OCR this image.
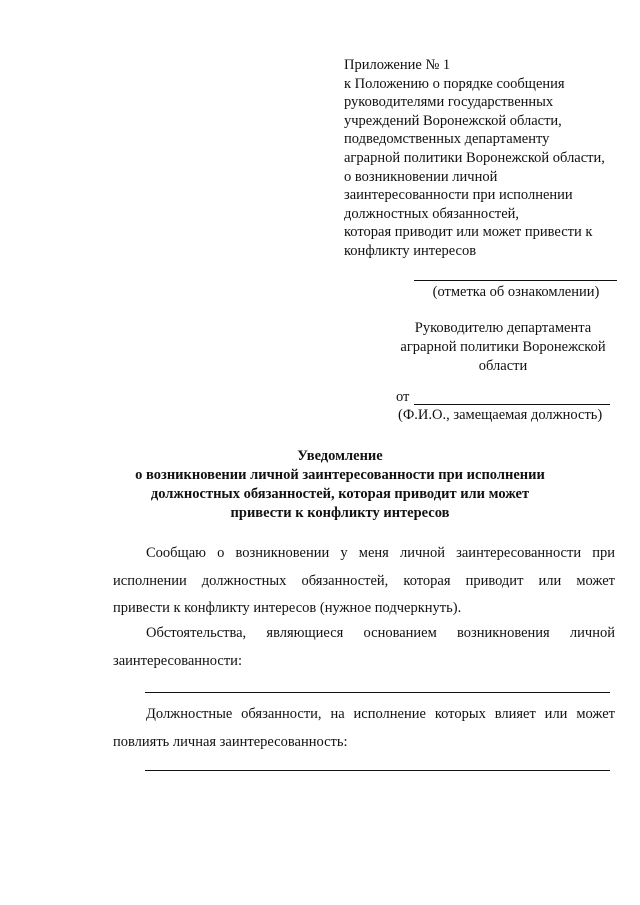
Приложение № 1
к Положению о порядке сообщения
руководителями государственных
учреждений Воронежской области,
подведомственных департаменту
аграрной политики Воронежской области,
о возникновении личной
заинтересованности при исполнении
должностных обязанностей,
которая приводит или может привести к
конфликту интересов
(отметка об ознакомлении)
Руководителю департамента
аграрной политики Воронежской
области
от
(Ф.И.О., замещаемая должность)
Уведомление
о возникновении личной заинтересованности при исполнении
должностных обязанностей, которая приводит или может
привести к конфликту интересов
Сообщаю о возникновении у меня личной заинтересованности при
исполнении должностных обязанностей, которая приводит или может
привести к конфликту интересов (нужное подчеркнуть).
Обстоятельства, являющиеся основанием возникновения личной
заинтересованности:
Должностные обязанности, на исполнение которых влияет или может
повлиять личная заинтересованность:
